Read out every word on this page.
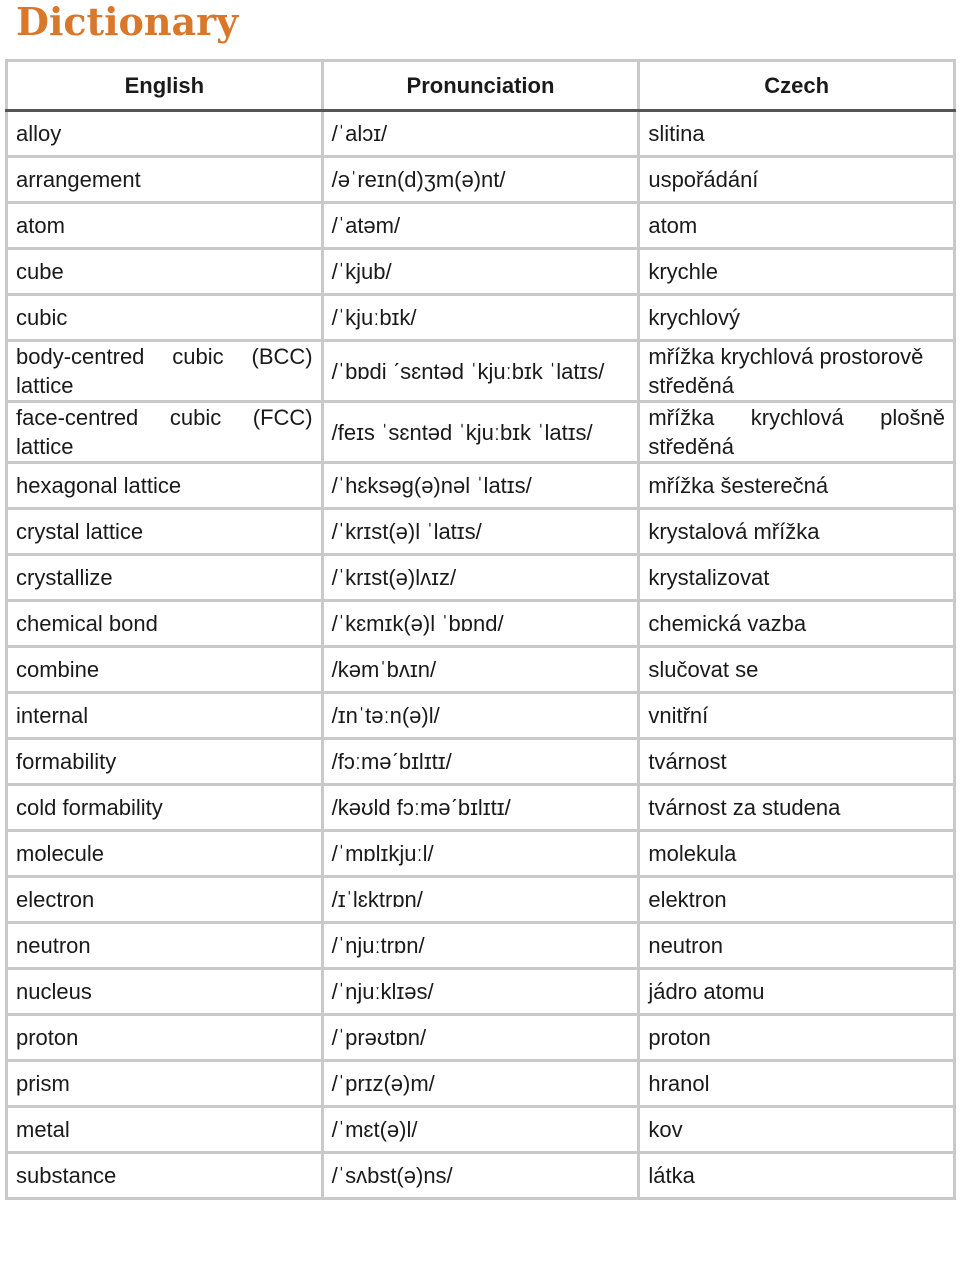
Dictionary
English	Pronunciation	Czech
alloy	/ˈalɔɪ/	slitina
arrangement	/əˈreɪn(d)ʒm(ə)nt/	uspořádání
atom	/ˈatəm/	atom
cube	/ˈkjub/	krychle
cubic	/ˈkjuːbɪk/	krychlový
body-centred cubic (BCC) lattice	/ˈbɒdi ˊsɛntəd ˈkjuːbɪk ˈlatɪs/	mřížka krychlová prostorově středěná
face-centred cubic (FCC) lattice	/feɪs ˈsɛntəd ˈkjuːbɪk ˈlatɪs/	mřížka krychlová plošně středěná
hexagonal lattice	/ˈhɛksəg(ə)nəl ˈlatɪs/	mřížka šesterečná
crystal lattice	/ˈkrɪst(ə)l ˈlatɪs/	krystalová mřížka
crystallize	/ˈkrɪst(ə)lʌɪz/	krystalizovat
chemical bond	/ˈkɛmɪk(ə)l ˈbɒnd/	chemická vazba
combine	/kəmˈbʌɪn/	slučovat se
internal	/ɪnˈtəːn(ə)l/	vnitřní
formability	/fɔːməˊbɪlɪtɪ/	tvárnost
cold formability	/kəʊld fɔːməˊbɪlɪtɪ/	tvárnost za studena
molecule	/ˈmɒlɪkjuːl/	molekula
electron	/ɪˈlɛktrɒn/	elektron
neutron	/ˈnjuːtrɒn/	neutron
nucleus	/ˈnjuːklɪəs/	jádro atomu
proton	/ˈprəʊtɒn/	proton
prism	/ˈprɪz(ə)m/	hranol
metal	/ˈmɛt(ə)l/	kov
substance	/ˈsʌbst(ə)ns/	látka
